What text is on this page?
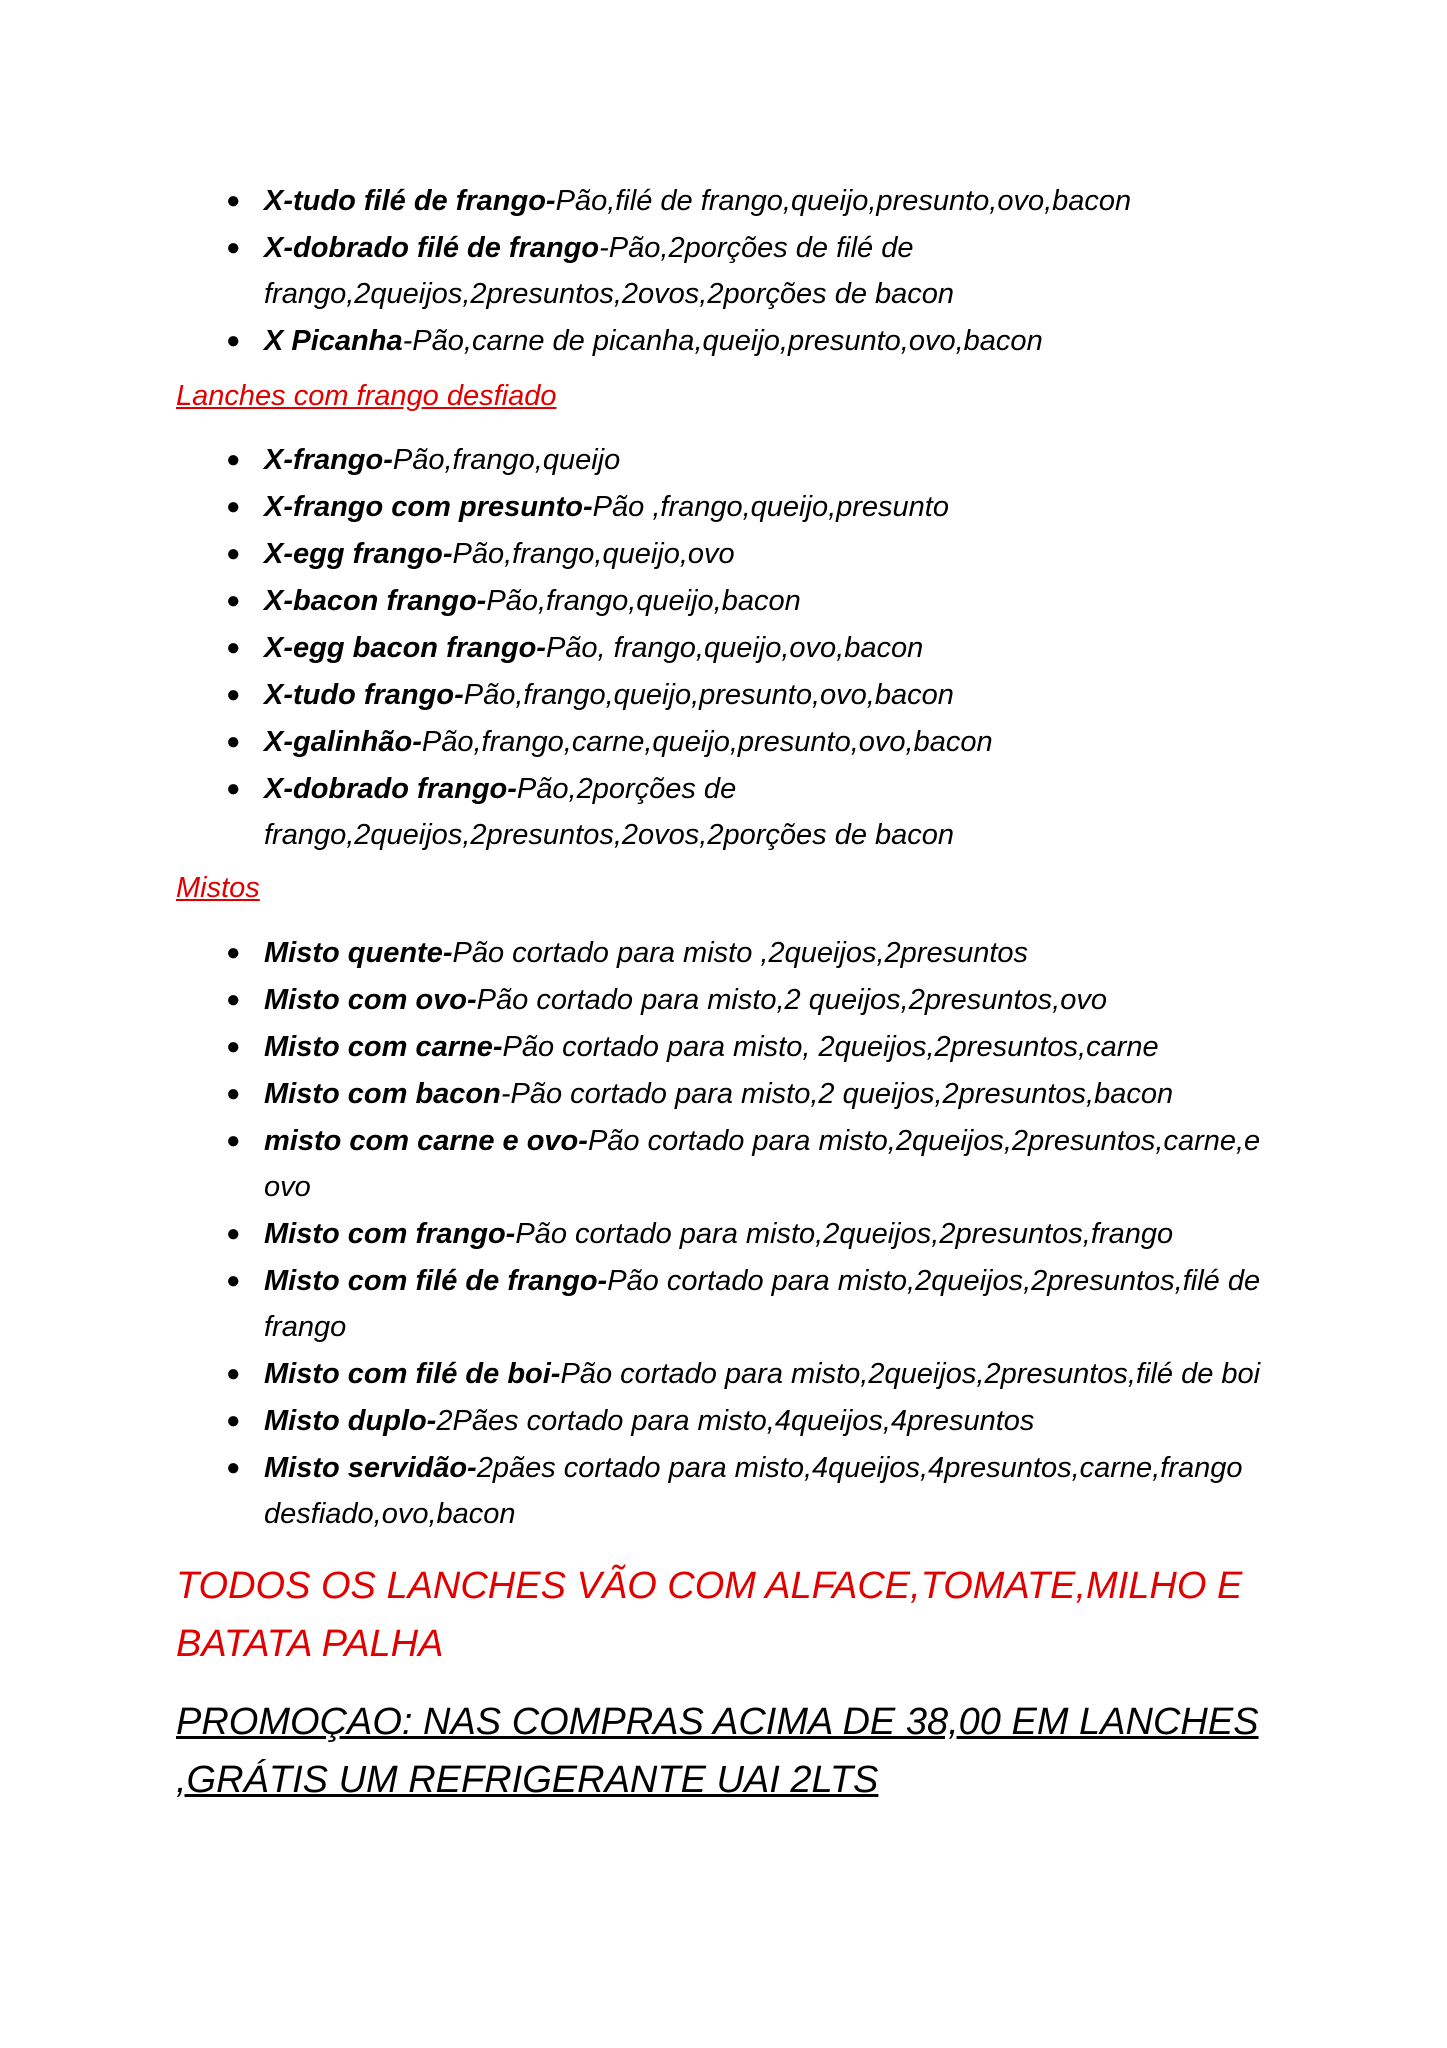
● X-tudo filé de frango-Pão,filé de frango,queijo,presunto,ovo,bacon
● X-dobrado filé de frango-Pão,2porções de filé de frango,2queijos,2presuntos,2ovos,2porções de bacon
● X Picanha-Pão,carne de picanha,queijo,presunto,ovo,bacon
Lanches com frango desfiado
● X-frango-Pão,frango,queijo
● X-frango com presunto-Pão ,frango,queijo,presunto
● X-egg frango-Pão,frango,queijo,ovo
● X-bacon frango-Pão,frango,queijo,bacon
● X-egg bacon frango-Pão, frango,queijo,ovo,bacon
● X-tudo frango-Pão,frango,queijo,presunto,ovo,bacon
● X-galinhão-Pão,frango,carne,queijo,presunto,ovo,bacon
● X-dobrado frango-Pão,2porções de frango,2queijos,2presuntos,2ovos,2porções de bacon
Mistos
● Misto quente-Pão cortado para misto ,2queijos,2presuntos
● Misto com ovo-Pão cortado para misto,2 queijos,2presuntos,ovo
● Misto com carne-Pão cortado para misto, 2queijos,2presuntos,carne
● Misto com bacon-Pão cortado para misto,2 queijos,2presuntos,bacon
● misto com carne e ovo-Pão cortado para misto,2queijos,2presuntos,carne,e ovo
● Misto com frango-Pão cortado para misto,2queijos,2presuntos,frango
● Misto com filé de frango-Pão cortado para misto,2queijos,2presuntos,filé de frango
● Misto com filé de boi-Pão cortado para misto,2queijos,2presuntos,filé de boi
● Misto duplo-2Pães cortado para misto,4queijos,4presuntos
● Misto servidão-2pães cortado para misto,4queijos,4presuntos,carne,frango desfiado,ovo,bacon
TODOS OS LANCHES VÃO COM ALFACE,TOMATE,MILHO E BATATA PALHA
PROMOÇAO: NAS COMPRAS ACIMA DE 38,00 EM LANCHES ,GRÁTIS UM REFRIGERANTE UAI 2LTS
